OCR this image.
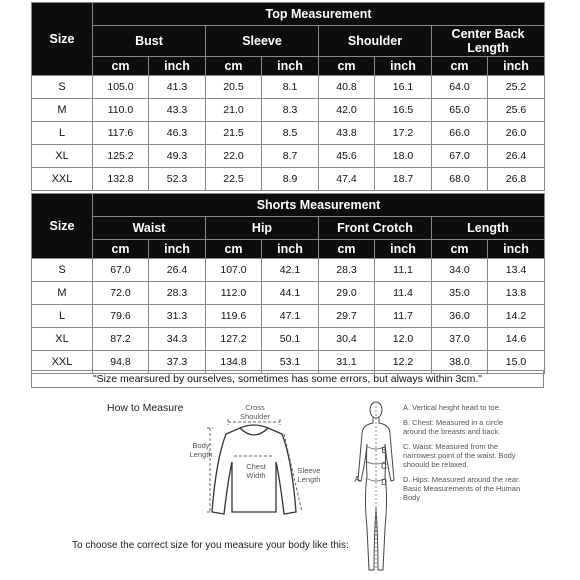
Size	Top Measurement							
	Bust		Sleeve		Shoulder		Center Back Length	
	cm	inch	cm	inch	cm	inch	cm	inch
S	105.0	41.3	20.5	8.1	40.8	16.1	64.0	25.2
M	110.0	43.3	21.0	8.3	42.0	16.5	65.0	25.6
L	117.6	46.3	21.5	8.5	43.8	17.2	66.0	26.0
XL	125.2	49.3	22.0	8.7	45.6	18.0	67.0	26.4
XXL	132.8	52.3	22.5	8.9	47.4	18.7	68.0	26.8
Size	Shorts Measurement							
	Waist		Hip		Front Crotch		Length	
	cm	inch	cm	inch	cm	inch	cm	inch
S	67.0	26.4	107.0	42.1	28.3	11.1	34.0	13.4
M	72.0	28.3	112.0	44.1	29.0	11.4	35.0	13.8
L	79.6	31.3	119.6	47.1	29.7	11.7	36.0	14.2
XL	87.2	34.3	127.2	50.1	30.4	12.0	37.0	14.6
XXL	94.8	37.3	134.8	53.1	31.1	12.2	38.0	15.0
"Size mearsured by ourselves, sometimes has some errors, but always within 3cm."
How to Measure	Cross Shoulder
Body Length
Chest Width
Sleeve Length
To choose the correct size for you measure your body like this:
A
B
C
D
A. Vertical height head to toe.
B. Chest: Measured in a circle around the breasts and back.
C. Waist: Measured from the narrowest point of the waist. Body shoould be relaxed.
D. Hips: Measured around the rear. Basic Measurements of the Human Body
